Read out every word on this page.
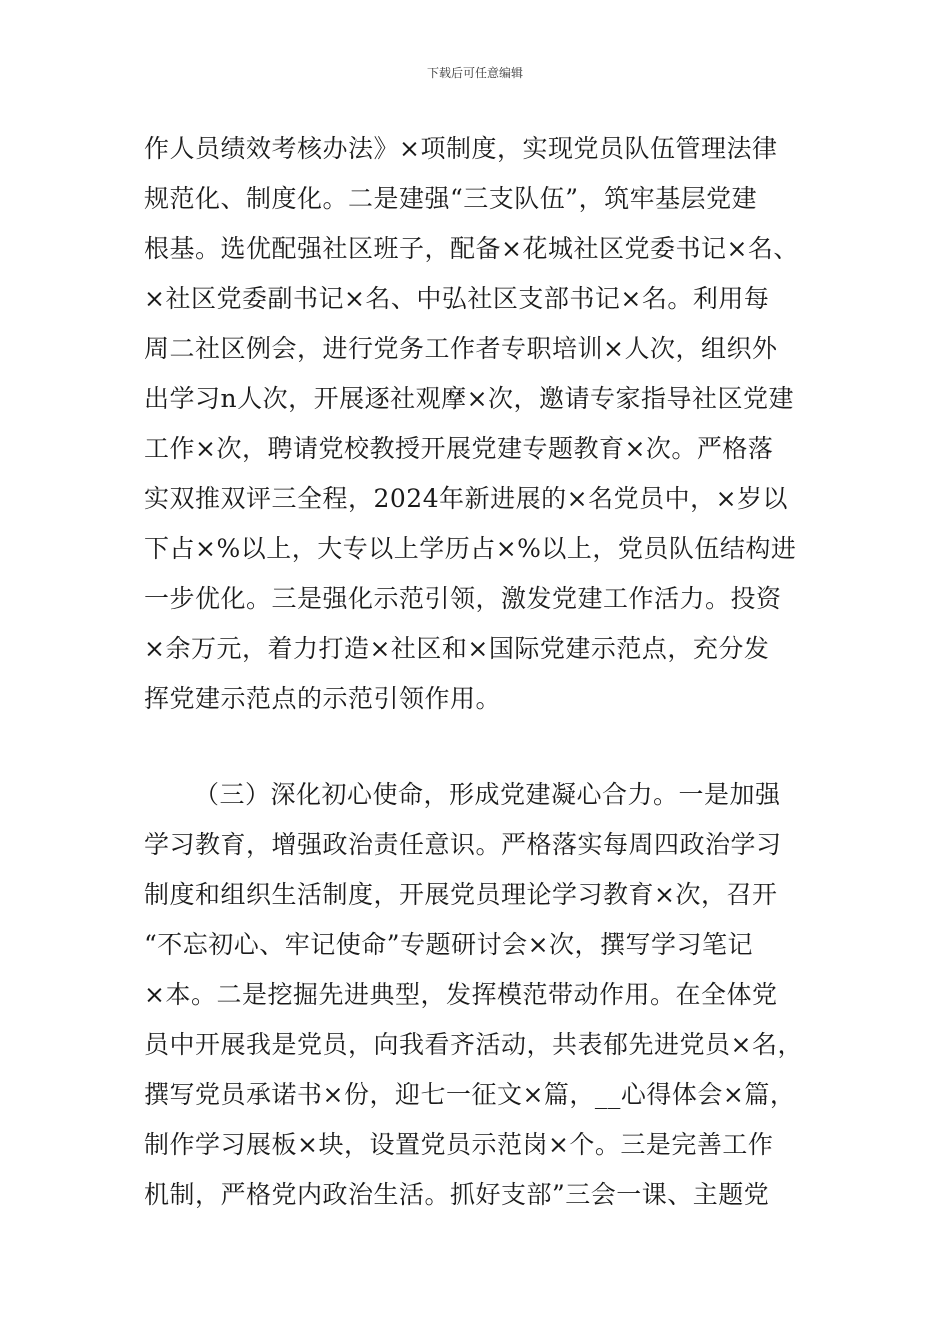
下载后可任意编辑
作人员绩效考核办法》×项制度，实现党员队伍管理法律
规范化、制度化。二是建强“三支队伍”，筑牢基层党建
根基。选优配强社区班子，配备×花城社区党委书记×名、
×社区党委副书记×名、中弘社区支部书记×名。利用每
周二社区例会，进行党务工作者专职培训×人次，组织外
出学习n人次，开展逐社观摩×次，邀请专家指导社区党建
工作×次，聘请党校教授开展党建专题教育×次。严格落
实双推双评三全程，2024年新进展的×名党员中，×岁以
下占×%以上，大专以上学历占×%以上，党员队伍结构进
一步优化。三是强化示范引领，激发党建工作活力。投资
×余万元，着力打造×社区和×国际党建示范点，充分发
挥党建示范点的示范引领作用。
（三）深化初心使命，形成党建凝心合力。一是加强
学习教育，增强政治责任意识。严格落实每周四政治学习
制度和组织生活制度，开展党员理论学习教育×次，召开
“不忘初心、牢记使命”专题研讨会×次，撰写学习笔记
×本。二是挖掘先进典型，发挥模范带动作用。在全体党
员中开展我是党员，向我看齐活动，共表郁先进党员×名，
撰写党员承诺书×份，迎七一征文×篇，__心得体会×篇，
制作学习展板×块，设置党员示范岗×个。三是完善工作
机制，严格党内政治生活。抓好支部”三会一课、主题党
